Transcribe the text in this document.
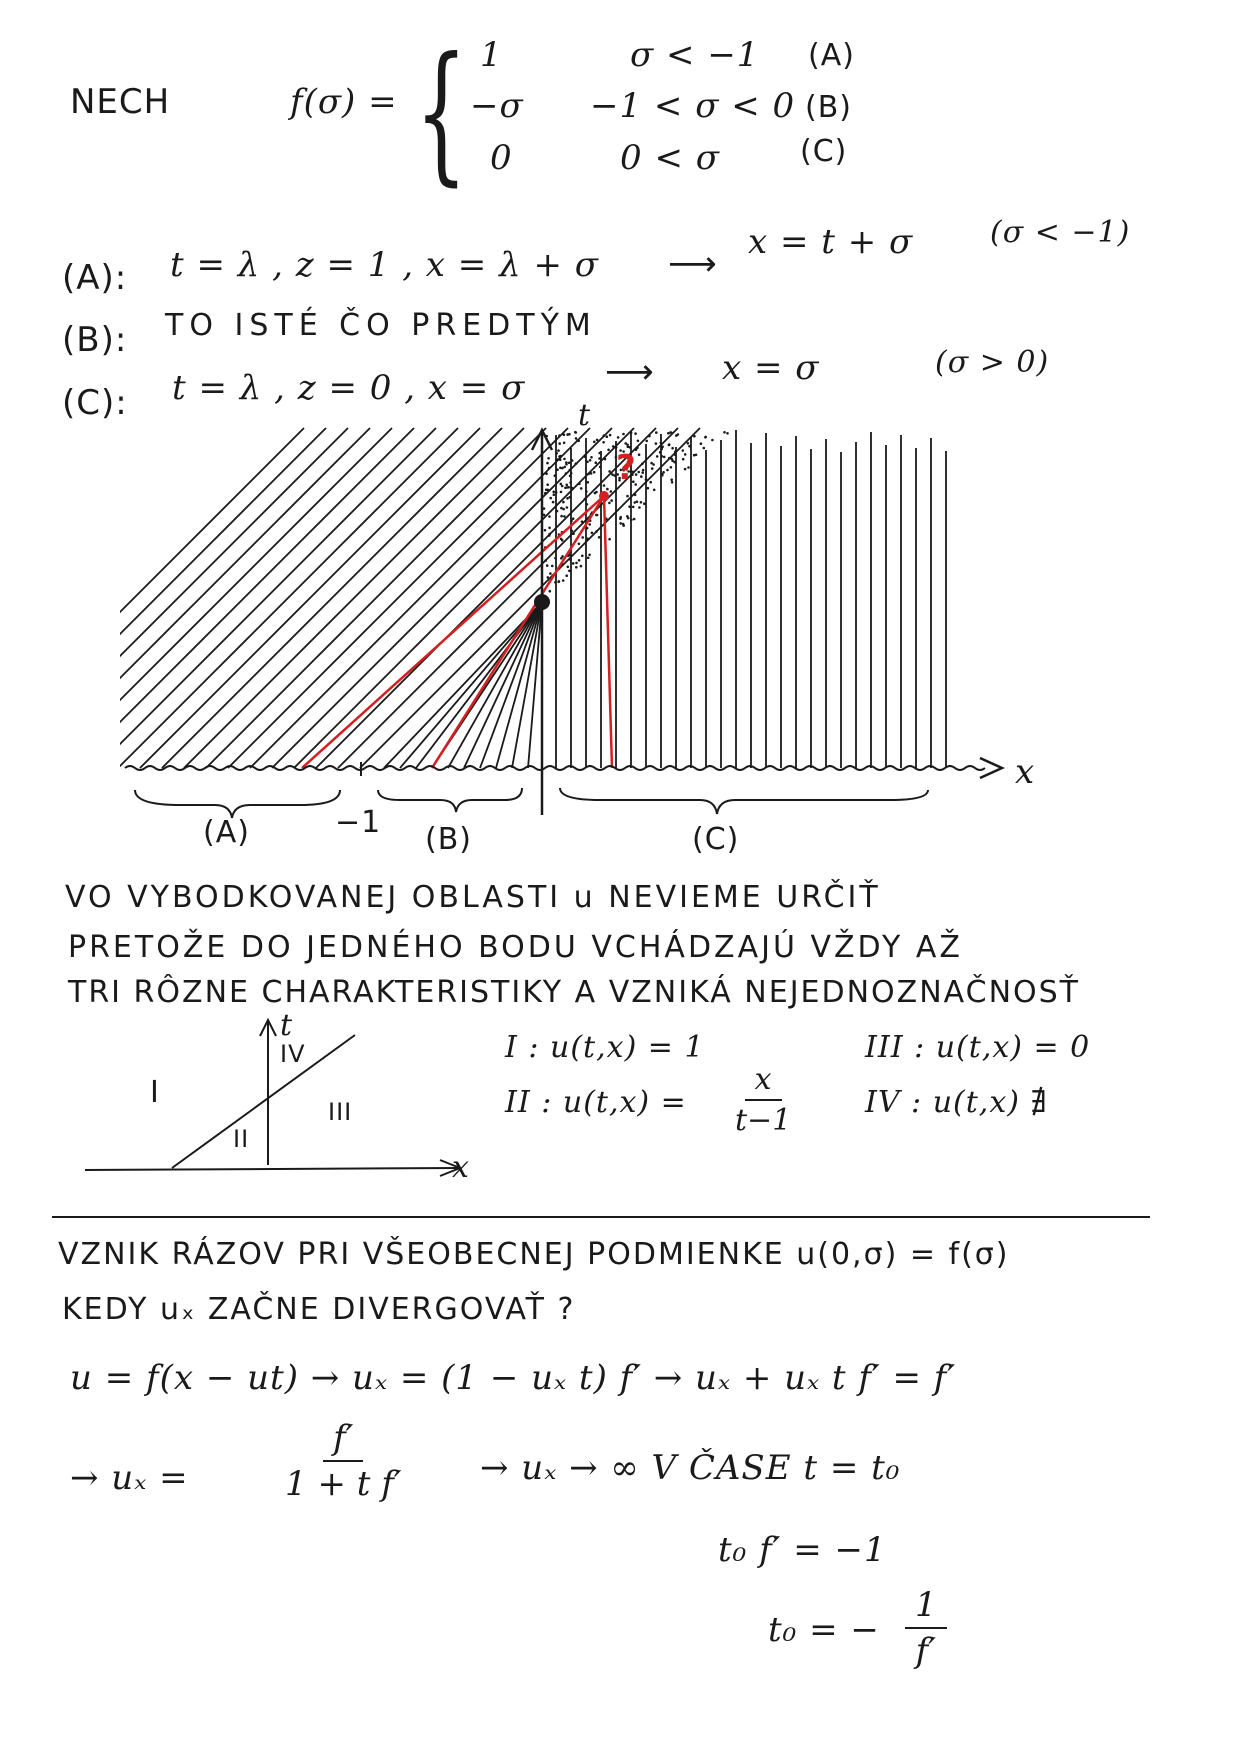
NECH	f(σ) = { 1	σ < −1 (A)
−σ −1 < σ < 0 (B)
0	0 < σ	(C)
(A): t = λ , z = 1 , x = λ + σ ⟶
x = t + σ	(σ < −1)
(B): TO ISTÉ ČO PREDTÝM
(C): t = λ , z = 0 , x = σ ⟶ x = σ	(σ > 0)
t
x
?
−1
(A)	(B)	(C)
VO VYBODKOVANEJ OBLASTI u NEVIEME URČIŤ
PRETOŽE DO JEDNÉHO BODU VCHÁDZAJÚ VŽDY AŽ
TRI RÔZNE CHARAKTERISTIKY A VZNIKÁ NEJEDNOZNAČNOSŤ
t
x
I
II
III
IV	I : u(t,x) = 1
II : $u(t,x) = \frac{x}{t-1}$
III : u(t,x) = 0
IV : u(t,x) ∄
VZNIK RÁZOV PRI VŠEOBECNEJ PODMIENKE u(0,σ) = f(σ)
KEDY uₓ ZAČNE DIVERGOVAŤ ?
u = f(x − ut) → uₓ = (1 − uₓ t) f′ → uₓ + uₓ t f′ = f′
→ uₓ =	$\frac{f'}{\text{1 + t f′}} \to u_x$ → ∞ V ČASE t = t₀
t₀ f′ = −1
t₀ = − $\frac{1}{f'}$
